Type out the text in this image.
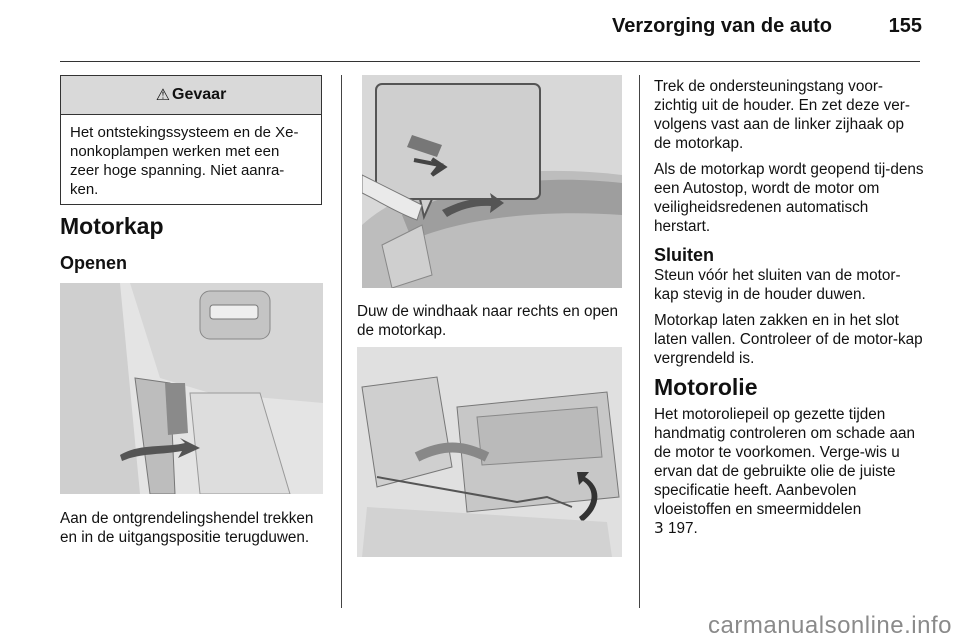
Verzorging van de auto	155
⚠ Gevaar
Het ontstekingssysteem en de Xe-nonkoplampen werken met een zeer hoge spanning. Niet aanra-ken.
Motorkap
Openen
Aan de ontgrendelingshendel trekken en in de uitgangspositie terugduwen.
Duw de windhaak naar rechts en open de motorkap.

Trek de ondersteuningstang voor-zichtig uit de houder. En zet deze ver-volgens vast aan de linker zijhaak op de motorkap.

Als de motorkap wordt geopend tij-dens een Autostop, wordt de motor om veiligheidsredenen automatisch herstart.

Sluiten

Steun vóór het sluiten van de motor-kap stevig in de houder duwen.

Motorkap laten zakken en in het slot laten vallen. Controleer of de motor-kap vergrendeld is.

Motorolie
Het motoroliepeil op gezette tijden handmatig controleren om schade aan de motor te voorkomen. Verge-wis u ervan dat de gebruikte olie de juiste specificatie heeft. Aanbevolen vloeistoffen en smeermiddelen
3 197.
carmanualsonline.info
